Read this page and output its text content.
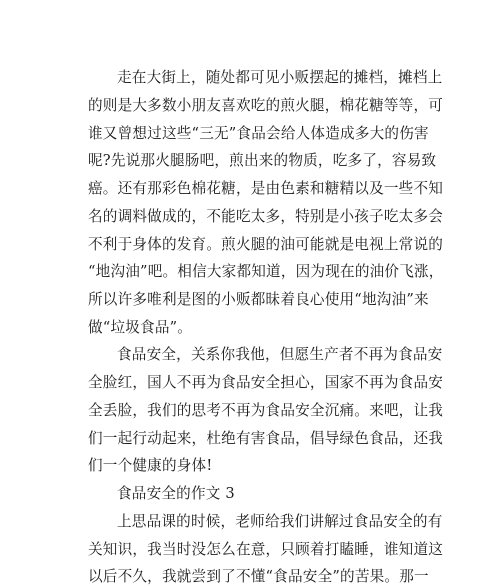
走在大街上，随处都可见小贩摆起的摊档，摊档上
的则是大多数小朋友喜欢吃的煎火腿，棉花糖等等，可
谁又曾想过这些“三无”食品会给人体造成多大的伤害
呢?先说那火腿肠吧，煎出来的物质，吃多了，容易致
癌。还有那彩色棉花糖，是由色素和糖精以及一些不知
名的调料做成的，不能吃太多，特别是小孩子吃太多会
不利于身体的发育。煎火腿的油可能就是电视上常说的
“地沟油”吧。相信大家都知道，因为现在的油价飞涨，
所以许多唯利是图的小贩都昧着良心使用“地沟油”来
做“垃圾食品”。
食品安全，关系你我他，但愿生产者不再为食品安
全脸红，国人不再为食品安全担心，国家不再为食品安
全丢脸，我们的思考不再为食品安全沉痛。来吧，让我
们一起行动起来，杜绝有害食品，倡导绿色食品，还我
们一个健康的身体!
食品安全的作文 3
上思品课的时候，老师给我们讲解过食品安全的有
关知识，我当时没怎么在意，只顾着打瞌睡，谁知道这
以后不久，我就尝到了不懂“食品安全”的苦果。那一
